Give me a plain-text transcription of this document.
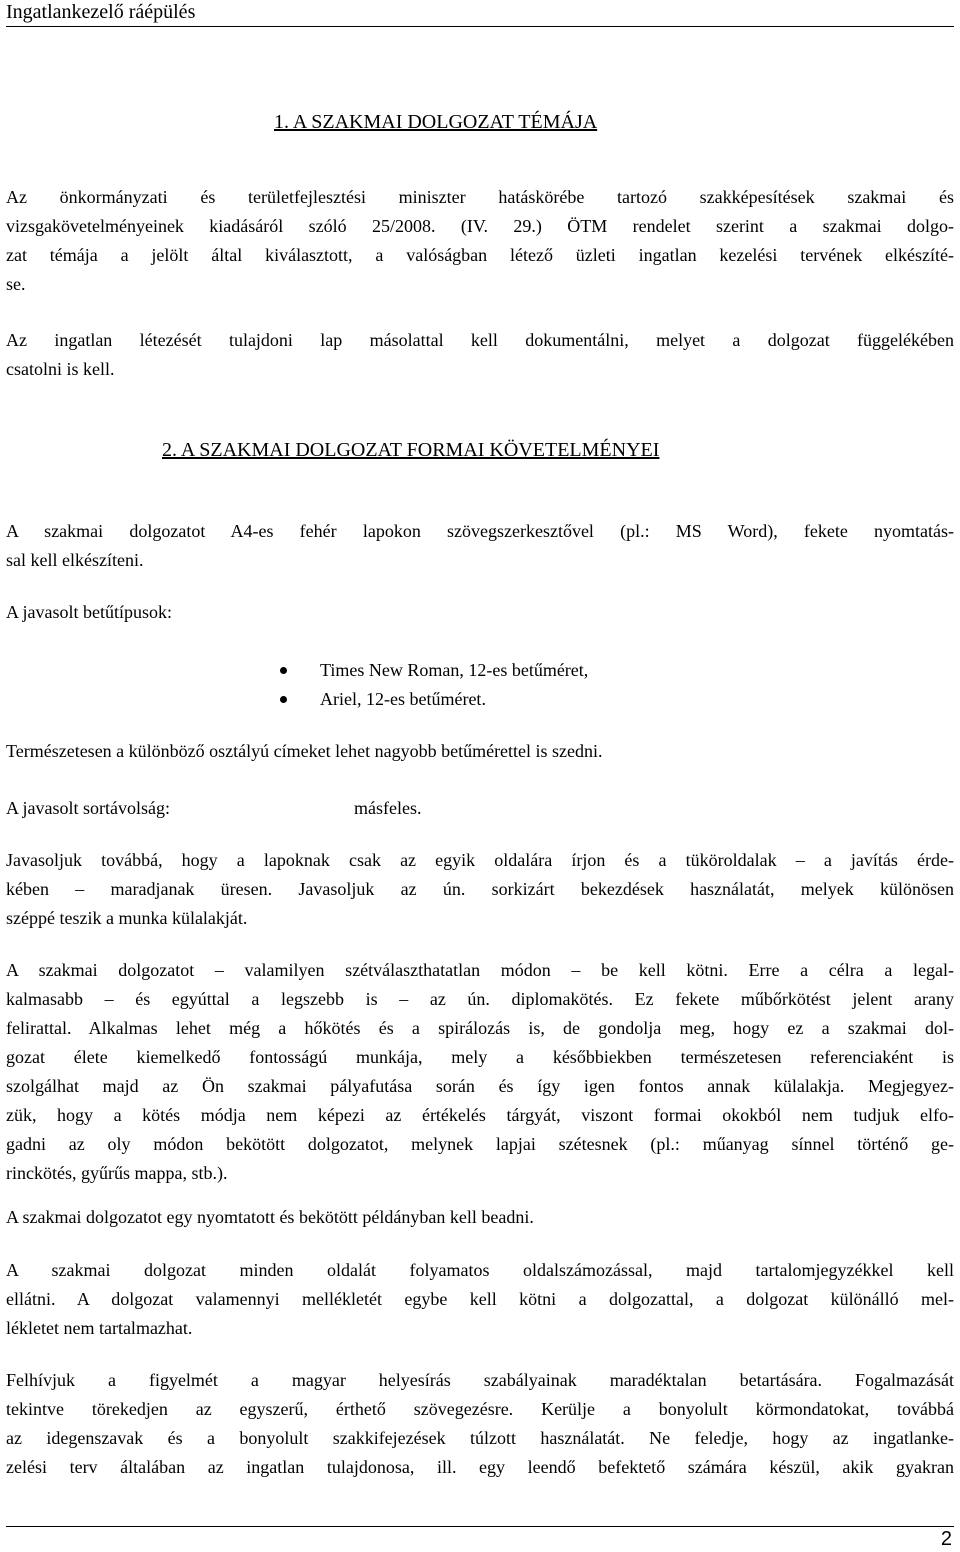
Ingatlankezelő ráépülés
1. A SZAKMAI DOLGOZAT TÉMÁJA
Az önkormányzati és területfejlesztési miniszter hatáskörébe tartozó szakképesítések szakmai és
vizsgakövetelményeinek kiadásáról szóló 25/2008. (IV. 29.) ÖTM rendelet szerint a szakmai dolgo-
zat témája a jelölt által kiválasztott, a valóságban létező üzleti ingatlan kezelési tervének elkészíté-
se.
Az ingatlan létezését tulajdoni lap másolattal kell dokumentálni, melyet a dolgozat függelékében
csatolni is kell.
2. A SZAKMAI DOLGOZAT FORMAI KÖVETELMÉNYEI
A szakmai dolgozatot A4-es fehér lapokon szövegszerkesztővel (pl.: MS Word), fekete nyomtatás-
sal kell elkészíteni.
A javasolt betűtípusok:
Times New Roman, 12-es betűméret,
Ariel, 12-es betűméret.
Természetesen a különböző osztályú címeket lehet nagyobb betűmérettel is szedni.
A javasolt sortávolság:	másfeles.
Javasoljuk továbbá, hogy a lapoknak csak az egyik oldalára írjon és a tüköroldalak – a javítás érde-
kében – maradjanak üresen. Javasoljuk az ún. sorkizárt bekezdések használatát, melyek különösen
széppé teszik a munka külalakját.
A szakmai dolgozatot – valamilyen szétválaszthatatlan módon – be kell kötni. Erre a célra a legal-
kalmasabb – és egyúttal a legszebb is – az ún. diplomakötés. Ez fekete műbőrkötést jelent arany
felirattal. Alkalmas lehet még a hőkötés és a spirálozás is, de gondolja meg, hogy ez a szakmai dol-
gozat élete kiemelkedő fontosságú munkája, mely a későbbiekben természetesen referenciaként is
szolgálhat majd az Ön szakmai pályafutása során és így igen fontos annak külalakja. Megjegyez-
zük, hogy a kötés módja nem képezi az értékelés tárgyát, viszont formai okokból nem tudjuk elfo-
gadni az oly módon bekötött dolgozatot, melynek lapjai szétesnek (pl.: műanyag sínnel történő ge-
rinckötés, gyűrűs mappa, stb.).
A szakmai dolgozatot egy nyomtatott és bekötött példányban kell beadni.
A szakmai dolgozat minden oldalát folyamatos oldalszámozással, majd tartalomjegyzékkel kell
ellátni. A dolgozat valamennyi mellékletét egybe kell kötni a dolgozattal, a dolgozat különálló mel-
lékletet nem tartalmazhat.
Felhívjuk a figyelmét a magyar helyesírás szabályainak maradéktalan betartására. Fogalmazását
tekintve törekedjen az egyszerű, érthető szövegezésre. Kerülje a bonyolult körmondatokat, továbbá
az idegenszavak és a bonyolult szakkifejezések túlzott használatát. Ne feledje, hogy az ingatlanke-
zelési terv általában az ingatlan tulajdonosa, ill. egy leendő befektető számára készül, akik gyakran
2
